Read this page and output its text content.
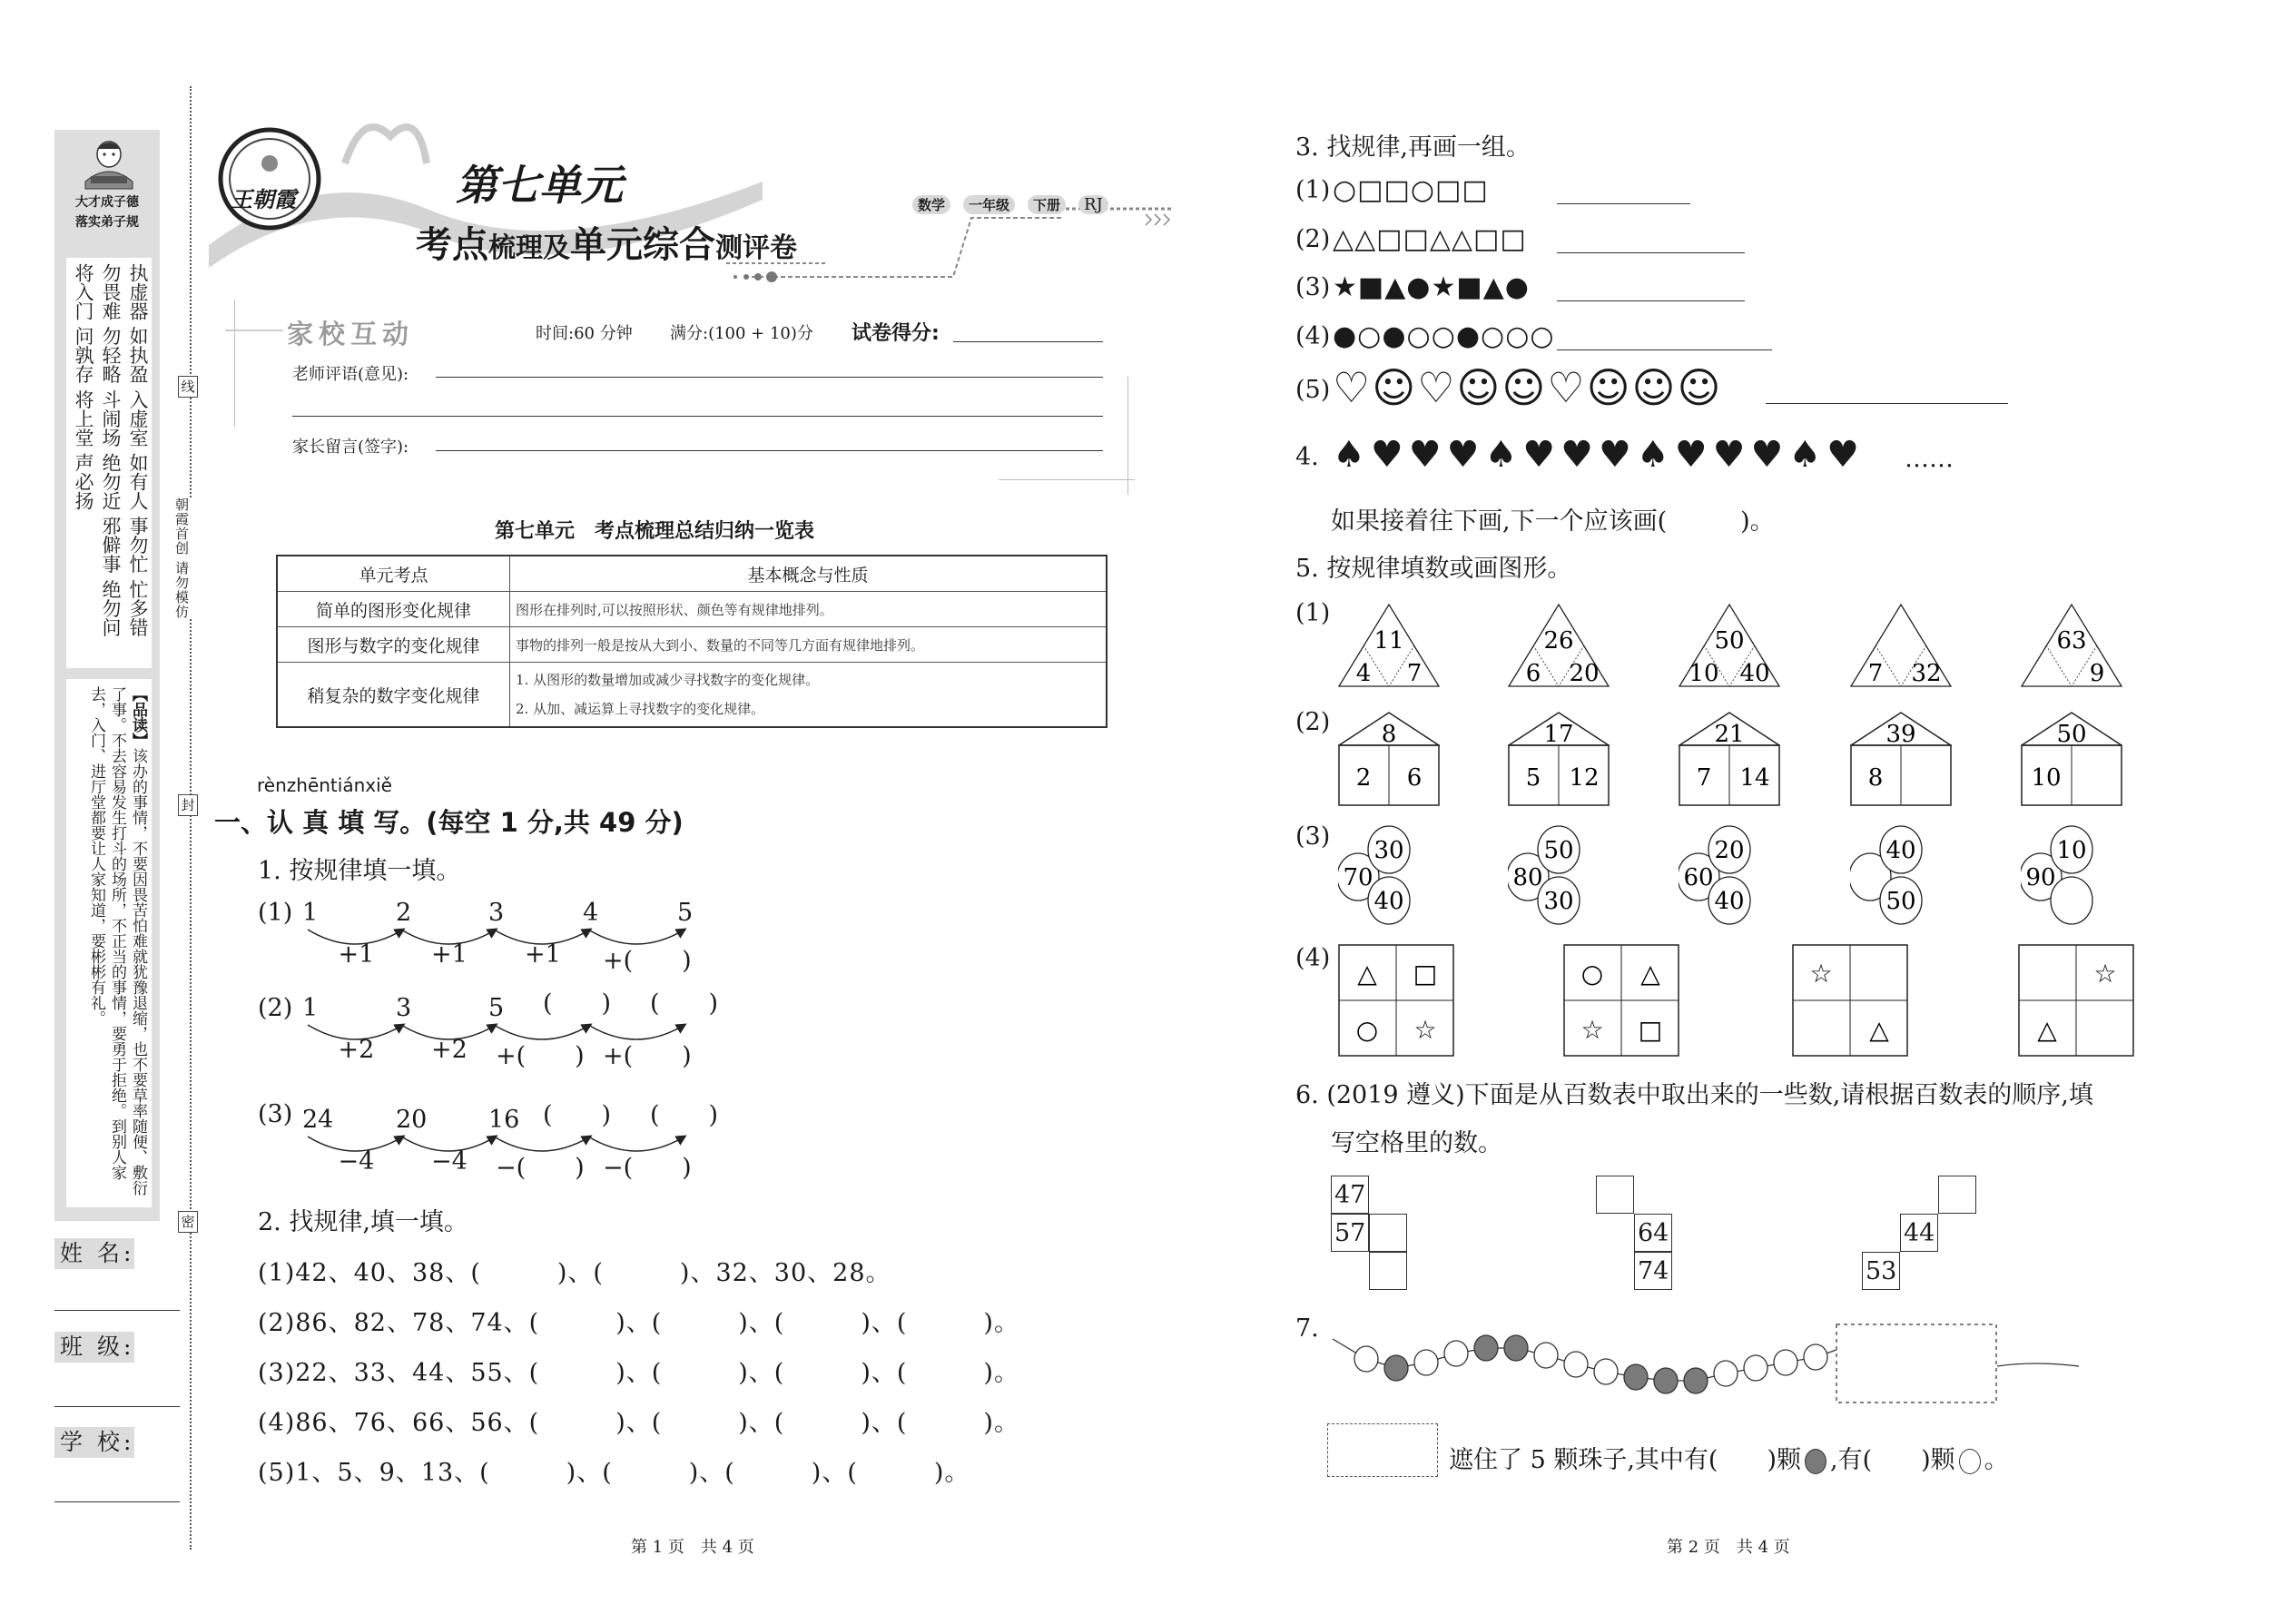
大才成子德
落实弟子规
执虚器 如执盈 入虚室 如有人 事勿忙 忙多错
勿畏难 勿轻略 斗闹场 绝勿近 邪僻事 绝勿问
将入门 问孰存 将上堂 声必扬
【品读】该办的事情，不要因畏苦怕难就犹豫退缩，也不要草率随便、敷衍了事。不去容易发生打斗的场所，不正当的事情，要勇于拒绝。到别人家去，入门、进厅堂都要让人家知道，要彬彬有礼。
线
封
密
朝霞首创 请勿模仿
姓 名:
班 级:
学 校:
王朝霞	第七单元
考点梳理及单元综合测评卷
数学 一年级 下册 RJ
家校互动	时间:60 分钟 满分:(100 + 10)分 试卷得分:
老师评语(意见):
家长留言(签字):
第七单元　考点梳理总结归纳一览表
单元考点	基本概念与性质
简单的图形变化规律	图形在排列时,可以按照形状、颜色等有规律地排列。
图形与数字的变化规律	事物的排列一般是按从大到小、数量的不同等几方面有规律地排列。
稍复杂的数字变化规律	1. 从图形的数量增加或减少寻找数字的变化规律。
2. 从加、减运算上寻找数字的变化规律。
rènzhēntiánxiě
一、认 真 填 写。(每空 1 分,共 49 分)
1. 按规律填一填。
(1) 1	2	3	4	5
+1 +1 +1 +(　　)
(2) 1	3	5 (　　) (　　)
+2 +2 +(　　) +(　　)
(3) 24	20	16 (　　) (　　)
−4 −4 −(　　) −(　　)
2. 找规律,填一填。
(1)42、40、38、(　　　)、(　　　)、32、30、28。
(2)86、82、78、74、(　　　)、(　　　)、(　　　)、(　　　)。
(3)22、33、44、55、(　　　)、(　　　)、(　　　)、(　　　)。
(4)86、76、66、56、(　　　)、(　　　)、(　　　)、(　　　)。
(5)1、5、9、13、(　　　)、(　　　)、(　　　)、(　　　)。
第 1 页　共 4 页
3. 找规律,再画一组。
(1) ○□□○□□
(2) △△□□△△□□
(3) ★■▲●★■▲●
(4) ●○●○○●○○○
(5) ♡☺♡☺☺♡☺☺☺
4. ♠♥♥♥♠♥♥♥♠♥♥♥♠♥ ……
如果接着往下画,下一个应该画(　　　)。
5. 按规律填数或画图形。
(1)
(2)
(3)
(4)
11
4 7
26
6 20
50
10 40	7 32
63
9
8
2 6
17
5 12
21
7 14
39
8
50
10
70
30
40
80
50
30
60
20
40
40
50
90
10
△ □
○ ☆
○ △
☆ □
☆
△
☆
△
6. (2019 遵义)下面是从百数表中取出来的一些数,请根据百数表的顺序,填
写空格里的数。
47
57	64
74
44
53
7.
遮住了 5 颗珠子,其中有(　　)颗 ,有(　　)颗 。
第 2 页　共 4 页
